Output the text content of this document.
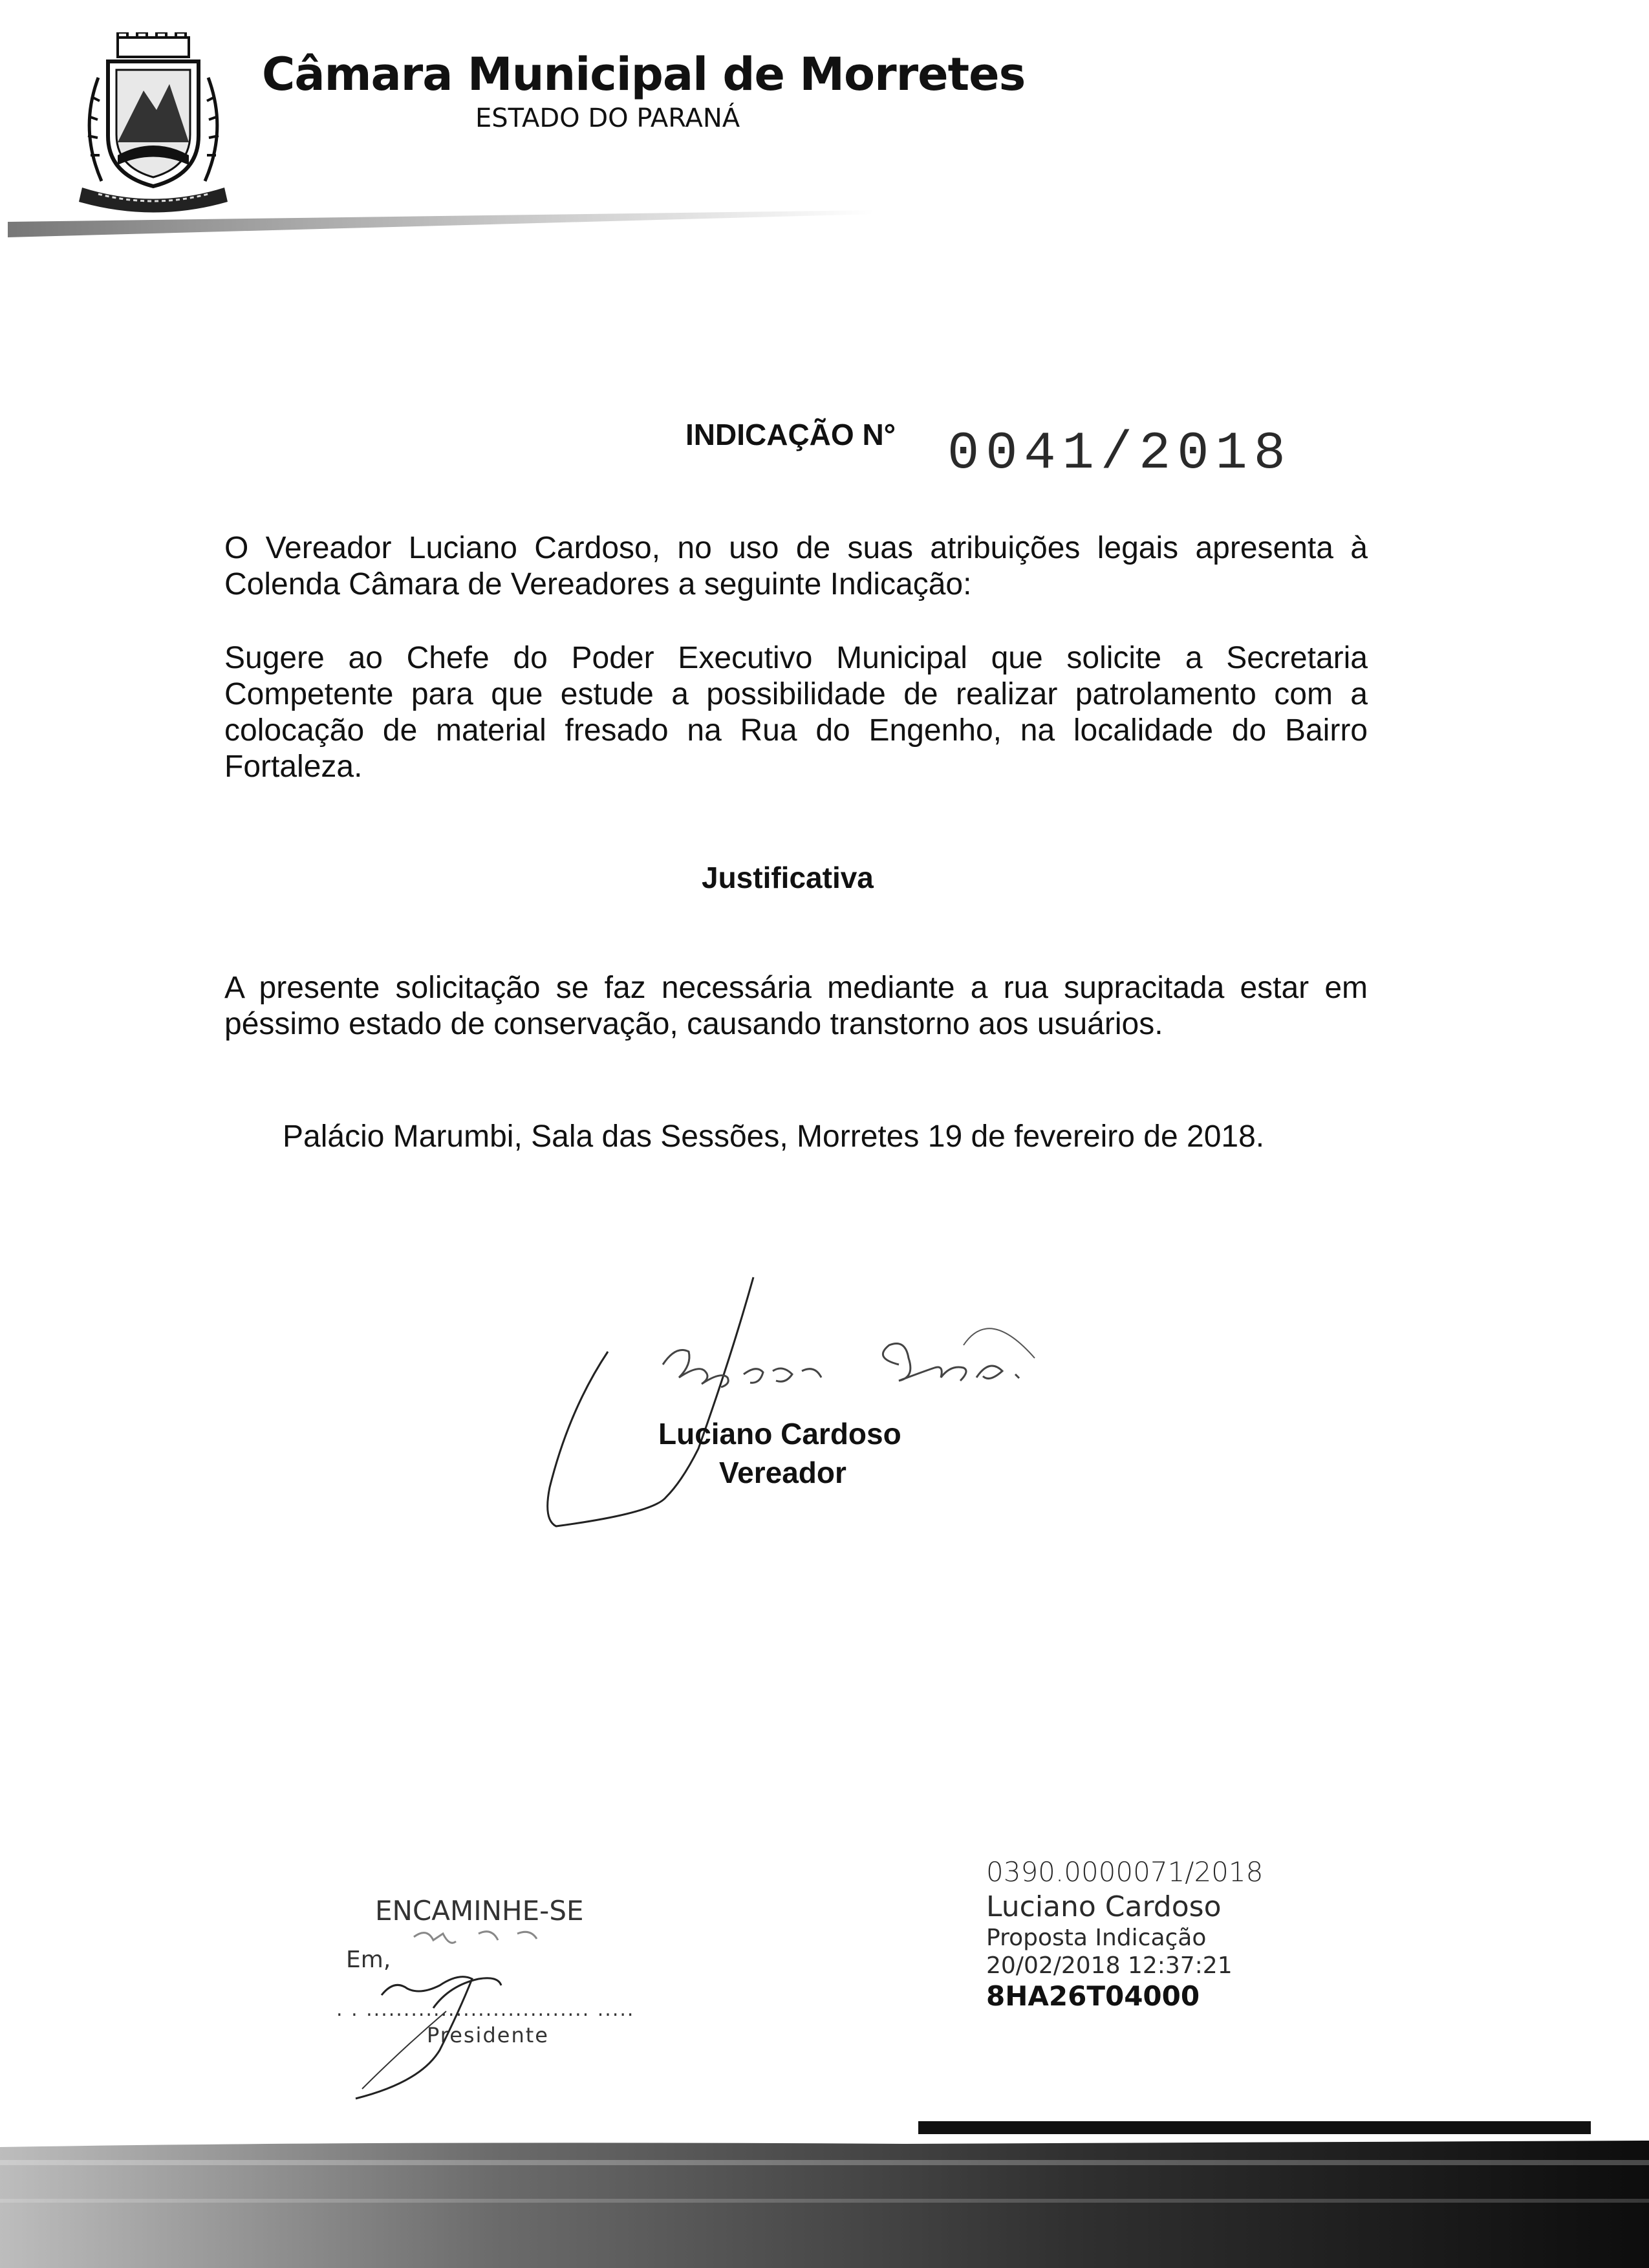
Câmara Municipal de Morretes
ESTADO DO PARANÁ
INDICAÇÃO N° 0041/2018
O Vereador Luciano Cardoso, no uso de suas atribuições legais apresenta à Colenda Câmara de Vereadores a seguinte Indicação:
Sugere ao Chefe do Poder Executivo Municipal que solicite a Secretaria Competente para que estude a possibilidade de realizar patrolamento com a colocação de material fresado na Rua do Engenho, na localidade do Bairro Fortaleza.
Justificativa
A presente solicitação se faz necessária mediante a rua supracitada estar em péssimo estado de conservação, causando transtorno aos usuários.
Palácio Marumbi, Sala das Sessões, Morretes 19 de fevereiro de 2018.
Luciano Cardoso
Vereador
ENCAMINHE-SE
Em,
. . .............................. .....
Presidente
0390.0000071/2018
Luciano Cardoso
Proposta Indicação
20/02/2018 12:37:21
8HA26T04000
